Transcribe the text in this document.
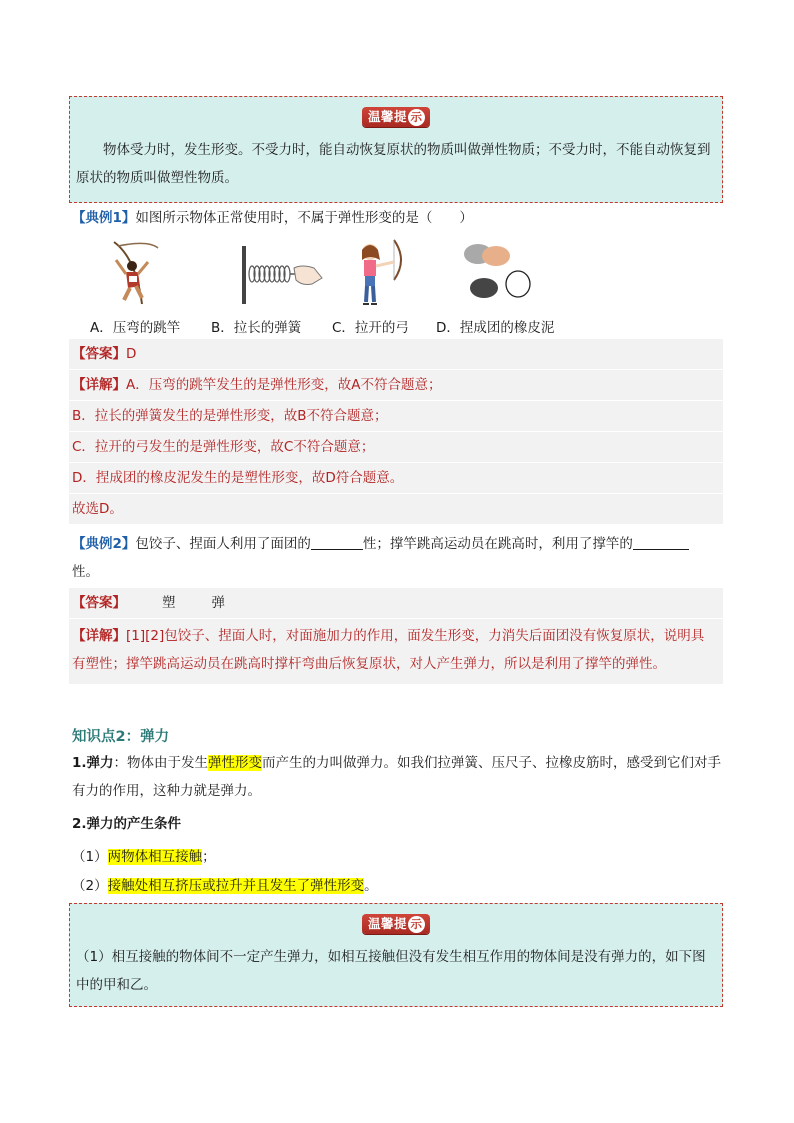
温馨提 示
物体受力时，发生形变。不受力时，能自动恢复原状的物质叫做弹性物质；不受力时，不能自动恢复到原状的物质叫做塑性物质。
【典例1】如图所示物体正常使用时，不属于弹性形变的是（　　）
A．压弯的跳竿 B．拉长的弹簧 C．拉开的弓 D．捏成团的橡皮泥
【答案】D
【详解】A．压弯的跳竿发生的是弹性形变，故A不符合题意；
B．拉长的弹簧发生的是弹性形变，故B不符合题意；
C．拉开的弓发生的是弹性形变，故C不符合题意；
D．捏成团的橡皮泥发生的是塑性形变，故D符合题意。
故选D。
【典例2】包饺子、捏面人利用了面团的	性；撑竿跳高运动员在跳高时，利用了撑竿的
性。
【答案】	塑	弹
【详解】[1][2]包饺子、捏面人时，对面施加力的作用，面发生形变，力消失后面团没有恢复原状，说明具
有塑性；撑竿跳高运动员在跳高时撑杆弯曲后恢复原状，对人产生弹力，所以是利用了撑竿的弹性。
知识点2：弹力
1.弹力：物体由于发生弹性形变而产生的力叫做弹力。如我们拉弹簧、压尺子、拉橡皮筋时，感受到它们对手有力的作用，这种力就是弹力。
2.弹力的产生条件
（1）两物体相互接触；
（2）接触处相互挤压或拉升并且发生了弹性形变。
温馨提 示
（1）相互接触的物体间不一定产生弹力，如相互接触但没有发生相互作用的物体间是没有弹力的，如下图中的甲和乙。
